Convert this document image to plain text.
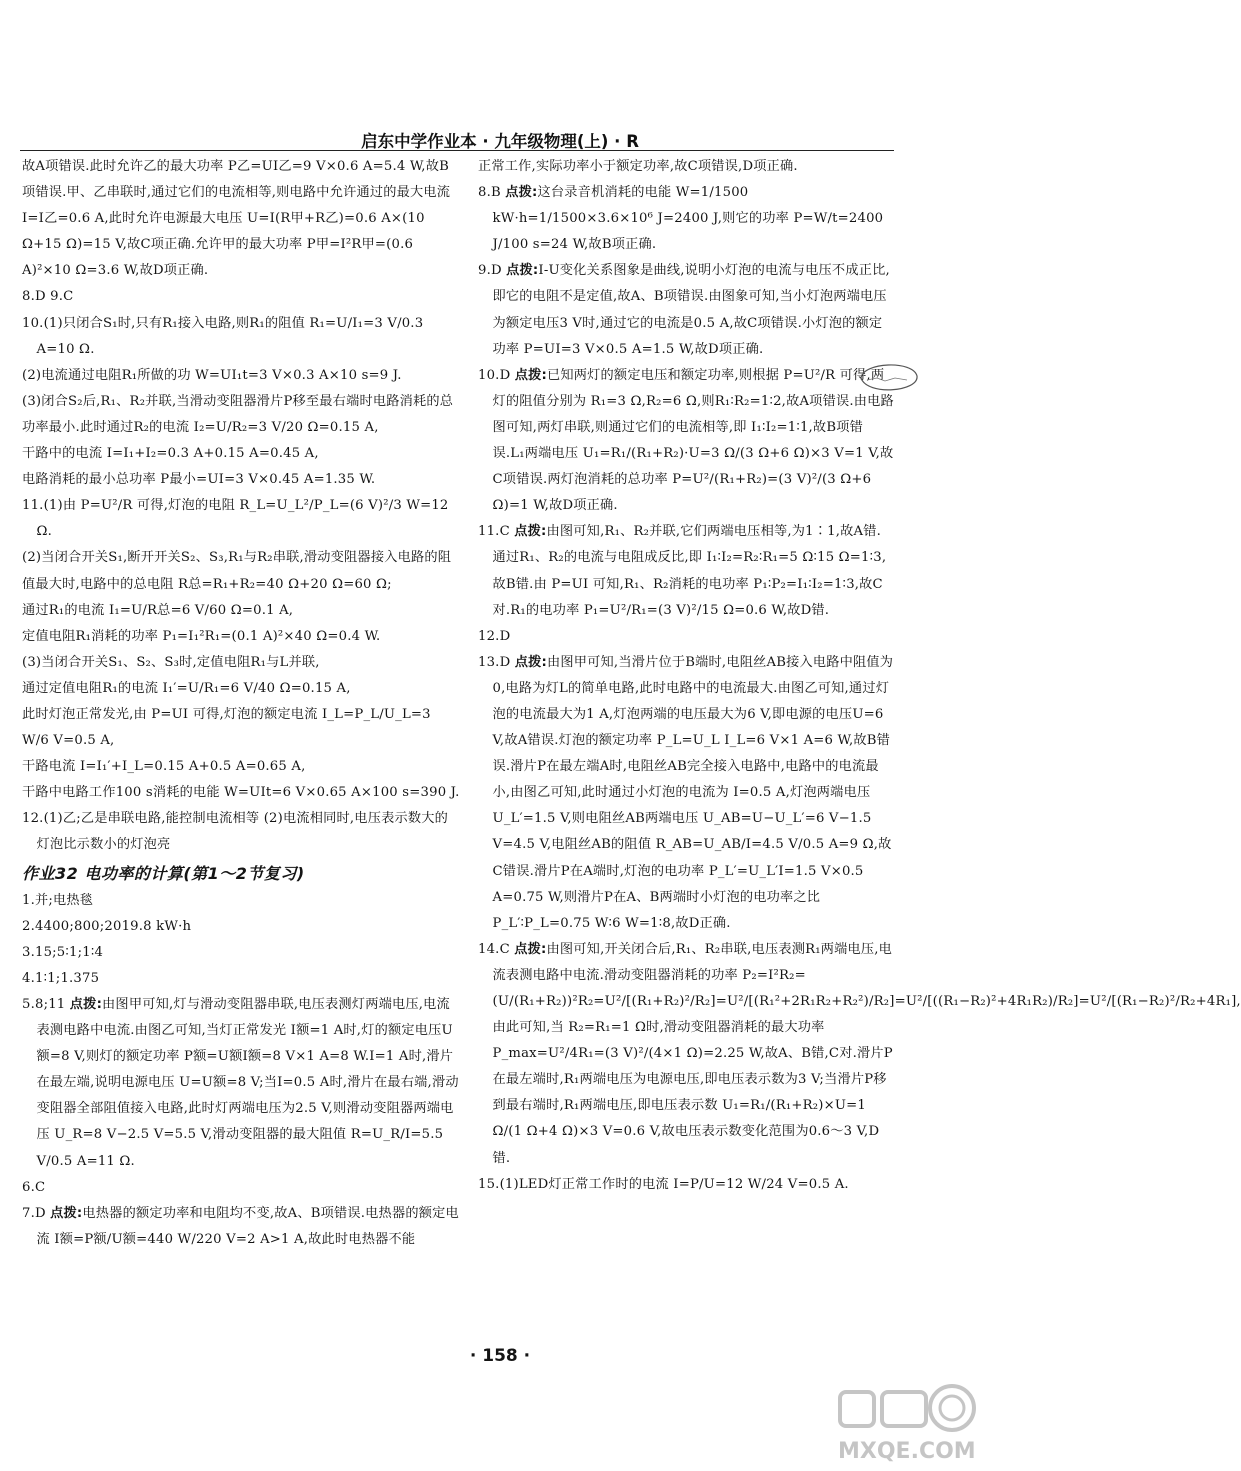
启东中学作业本 · 九年级物理(上) · R

故A项错误.此时允许乙的最大功率 P乙=UI乙=9 V×0.6 A=5.4 W,故B项错误.甲、乙串联时,通过它们的电流相等,则电路中允许通过的最大电流 I=I乙=0.6 A,此时允许电源最大电压 U=I(R甲+R乙)=0.6 A×(10 Ω+15 Ω)=15 V,故C项正确.允许甲的最大功率 P甲=I²R甲=(0.6 A)²×10 Ω=3.6 W,故D项正确.

8.D 9.C

10.(1)只闭合S₁时,只有R₁接入电路,则R₁的阻值 R₁=U/I₁=3 V/0.3 A=10 Ω.

(2)电流通过电阻R₁所做的功 W=UI₁t=3 V×0.3 A×10 s=9 J.

(3)闭合S₂后,R₁、R₂并联,当滑动变阻器滑片P移至最右端时电路消耗的总功率最小.此时通过R₂的电流 I₂=U/R₂=3 V/20 Ω=0.15 A,

干路中的电流 I=I₁+I₂=0.3 A+0.15 A=0.45 A,

电路消耗的最小总功率 P最小=UI=3 V×0.45 A=1.35 W.

11.(1)由 P=U²/R 可得,灯泡的电阻 R_L=U_L²/P_L=(6 V)²/3 W=12 Ω.

(2)当闭合开关S₁,断开开关S₂、S₃,R₁与R₂串联,滑动变阻器接入电路的阻值最大时,电路中的总电阻 R总=R₁+R₂=40 Ω+20 Ω=60 Ω;

通过R₁的电流 I₁=U/R总=6 V/60 Ω=0.1 A,

定值电阻R₁消耗的功率 P₁=I₁²R₁=(0.1 A)²×40 Ω=0.4 W.

(3)当闭合开关S₁、S₂、S₃时,定值电阻R₁与L并联,

通过定值电阻R₁的电流 I₁′=U/R₁=6 V/40 Ω=0.15 A,

此时灯泡正常发光,由 P=UI 可得,灯泡的额定电流 I_L=P_L/U_L=3 W/6 V=0.5 A,

干路电流 I=I₁′+I_L=0.15 A+0.5 A=0.65 A,

干路中电路工作100 s消耗的电能 W=UIt=6 V×0.65 A×100 s=390 J.

12.(1)乙;乙是串联电路,能控制电流相等 (2)电流相同时,电压表示数大的灯泡比示数小的灯泡亮

作业32 电功率的计算(第1～2节复习)

1.并;电热毯

2.4400;800;2019.8 kW·h

3.15;5∶1;1∶4

4.1∶1;1.375

5.8;11 点拨:由图甲可知,灯与滑动变阻器串联,电压表测灯两端电压,电流表测电路中电流.由图乙可知,当灯正常发光 I额=1 A时,灯的额定电压U额=8 V,则灯的额定功率 P额=U额I额=8 V×1 A=8 W.I=1 A时,滑片在最左端,说明电源电压 U=U额=8 V;当I=0.5 A时,滑片在最右端,滑动变阻器全部阻值接入电路,此时灯两端电压为2.5 V,则滑动变阻器两端电压 U_R=8 V−2.5 V=5.5 V,滑动变阻器的最大阻值 R=U_R/I=5.5 V/0.5 A=11 Ω.

6.C

7.D 点拨:电热器的额定功率和电阻均不变,故A、B项错误.电热器的额定电流 I额=P额/U额=440 W/220 V=2 A>1 A,故此时电热器不能

正常工作,实际功率小于额定功率,故C项错误,D项正确.

8.B 点拨:这台录音机消耗的电能 W=1/1500 kW·h=1/1500×3.6×10⁶ J=2400 J,则它的功率 P=W/t=2400 J/100 s=24 W,故B项正确.

9.D 点拨:I-U变化关系图象是曲线,说明小灯泡的电流与电压不成正比,即它的电阻不是定值,故A、B项错误.由图象可知,当小灯泡两端电压为额定电压3 V时,通过它的电流是0.5 A,故C项错误.小灯泡的额定功率 P=UI=3 V×0.5 A=1.5 W,故D项正确.

10.D 点拨:已知两灯的额定电压和额定功率,则根据 P=U²/R 可得,两灯的阻值分别为 R₁=3 Ω,R₂=6 Ω,则R₁∶R₂=1∶2,故A项错误.由电路图可知,两灯串联,则通过它们的电流相等,即 I₁∶I₂=1∶1,故B项错误.L₁两端电压 U₁=R₁/(R₁+R₂)·U=3 Ω/(3 Ω+6 Ω)×3 V=1 V,故C项错误.两灯泡消耗的总功率 P=U²/(R₁+R₂)=(3 V)²/(3 Ω+6 Ω)=1 W,故D项正确.

11.C 点拨:由图可知,R₁、R₂并联,它们两端电压相等,为1∶1,故A错.通过R₁、R₂的电流与电阻成反比,即 I₁∶I₂=R₂∶R₁=5 Ω∶15 Ω=1∶3,故B错.由 P=UI 可知,R₁、R₂消耗的电功率 P₁∶P₂=I₁∶I₂=1∶3,故C对.R₁的电功率 P₁=U²/R₁=(3 V)²/15 Ω=0.6 W,故D错.

12.D

13.D 点拨:由图甲可知,当滑片位于B端时,电阻丝AB接入电路中阻值为0,电路为灯L的简单电路,此时电路中的电流最大.由图乙可知,通过灯泡的电流最大为1 A,灯泡两端的电压最大为6 V,即电源的电压U=6 V,故A错误.灯泡的额定功率 P_L=U_L I_L=6 V×1 A=6 W,故B错误.滑片P在最左端A时,电阻丝AB完全接入电路中,电路中的电流最小,由图乙可知,此时通过小灯泡的电流为 I=0.5 A,灯泡两端电压 U_L′=1.5 V,则电阻丝AB两端电压 U_AB=U−U_L′=6 V−1.5 V=4.5 V,电阻丝AB的阻值 R_AB=U_AB/I=4.5 V/0.5 A=9 Ω,故C错误.滑片P在A端时,灯泡的电功率 P_L′=U_L′I=1.5 V×0.5 A=0.75 W,则滑片P在A、B两端时小灯泡的电功率之比 P_L′∶P_L=0.75 W∶6 W=1∶8,故D正确.

14.C 点拨:由图可知,开关闭合后,R₁、R₂串联,电压表测R₁两端电压,电流表测电路中电流.滑动变阻器消耗的功率 P₂=I²R₂=(U/(R₁+R₂))²R₂=U²/[(R₁+R₂)²/R₂]=U²/[(R₁²+2R₁R₂+R₂²)/R₂]=U²/[((R₁−R₂)²+4R₁R₂)/R₂]=U²/[(R₁−R₂)²/R₂+4R₁],由此可知,当 R₂=R₁=1 Ω时,滑动变阻器消耗的最大功率 P_max=U²/4R₁=(3 V)²/(4×1 Ω)=2.25 W,故A、B错,C对.滑片P在最左端时,R₁两端电压为电源电压,即电压表示数为3 V;当滑片P移到最右端时,R₁两端电压,即电压表示数 U₁=R₁/(R₁+R₂)×U=1 Ω/(1 Ω+4 Ω)×3 V=0.6 V,故电压表示数变化范围为0.6～3 V,D错.

15.(1)LED灯正常工作时的电流 I=P/U=12 W/24 V=0.5 A.

· 158 ·
MXQE.COM
